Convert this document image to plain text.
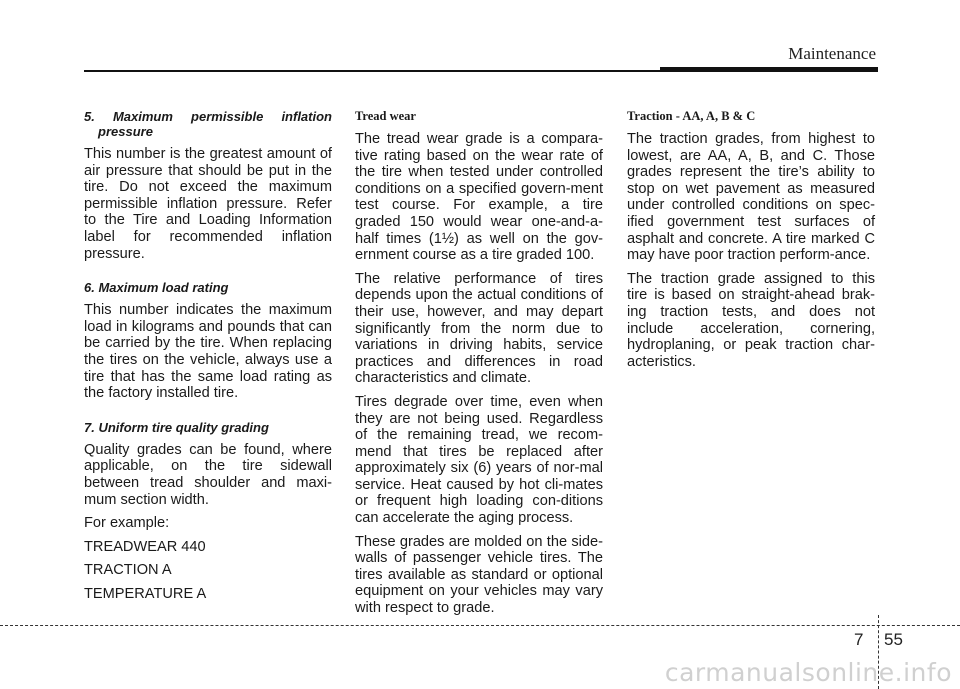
Maintenance

5. Maximum permissible inflation pressure

This number is the greatest amount of air pressure that should be put in the tire. Do not exceed the maximum permissible inflation pressure. Refer to the Tire and Loading Information label for recommended inflation pressure.

6. Maximum load rating

This number indicates the maximum load in kilograms and pounds that can be carried by the tire. When replacing the tires on the vehicle, always use a tire that has the same load rating as the factory installed tire.

7. Uniform tire quality grading

Quality grades can be found, where applicable, on the tire sidewall between tread shoulder and maxi-mum section width.

For example:

TREADWEAR 440

TRACTION A

TEMPERATURE A

Tread wear

The tread wear grade is a compara-tive rating based on the wear rate of the tire when tested under controlled conditions on a specified govern-ment test course. For example, a tire graded 150 would wear one-and-a-half times (1½) as well on the gov-ernment course as a tire graded 100.

The relative performance of tires depends upon the actual conditions of their use, however, and may depart significantly from the norm due to variations in driving habits, service practices and differences in road characteristics and climate.

Tires degrade over time, even when they are not being used. Regardless of the remaining tread, we recom-mend that tires be replaced after approximately six (6) years of nor-mal service. Heat caused by hot cli-mates or frequent high loading con-ditions can accelerate the aging process.

These grades are molded on the side-walls of passenger vehicle tires. The tires available as standard or optional equipment on your vehicles may vary with respect to grade.

Traction - AA, A, B & C

The traction grades, from highest to lowest, are AA, A, B, and C. Those grades represent the tire’s ability to stop on wet pavement as measured under controlled conditions on spec-ified government test surfaces of asphalt and concrete. A tire marked C may have poor traction perform-ance.

The traction grade assigned to this tire is based on straight-ahead brak-ing traction tests, and does not include acceleration, cornering, hydroplaning, or peak traction char-acteristics.

7 55
carmanualsonline.info
